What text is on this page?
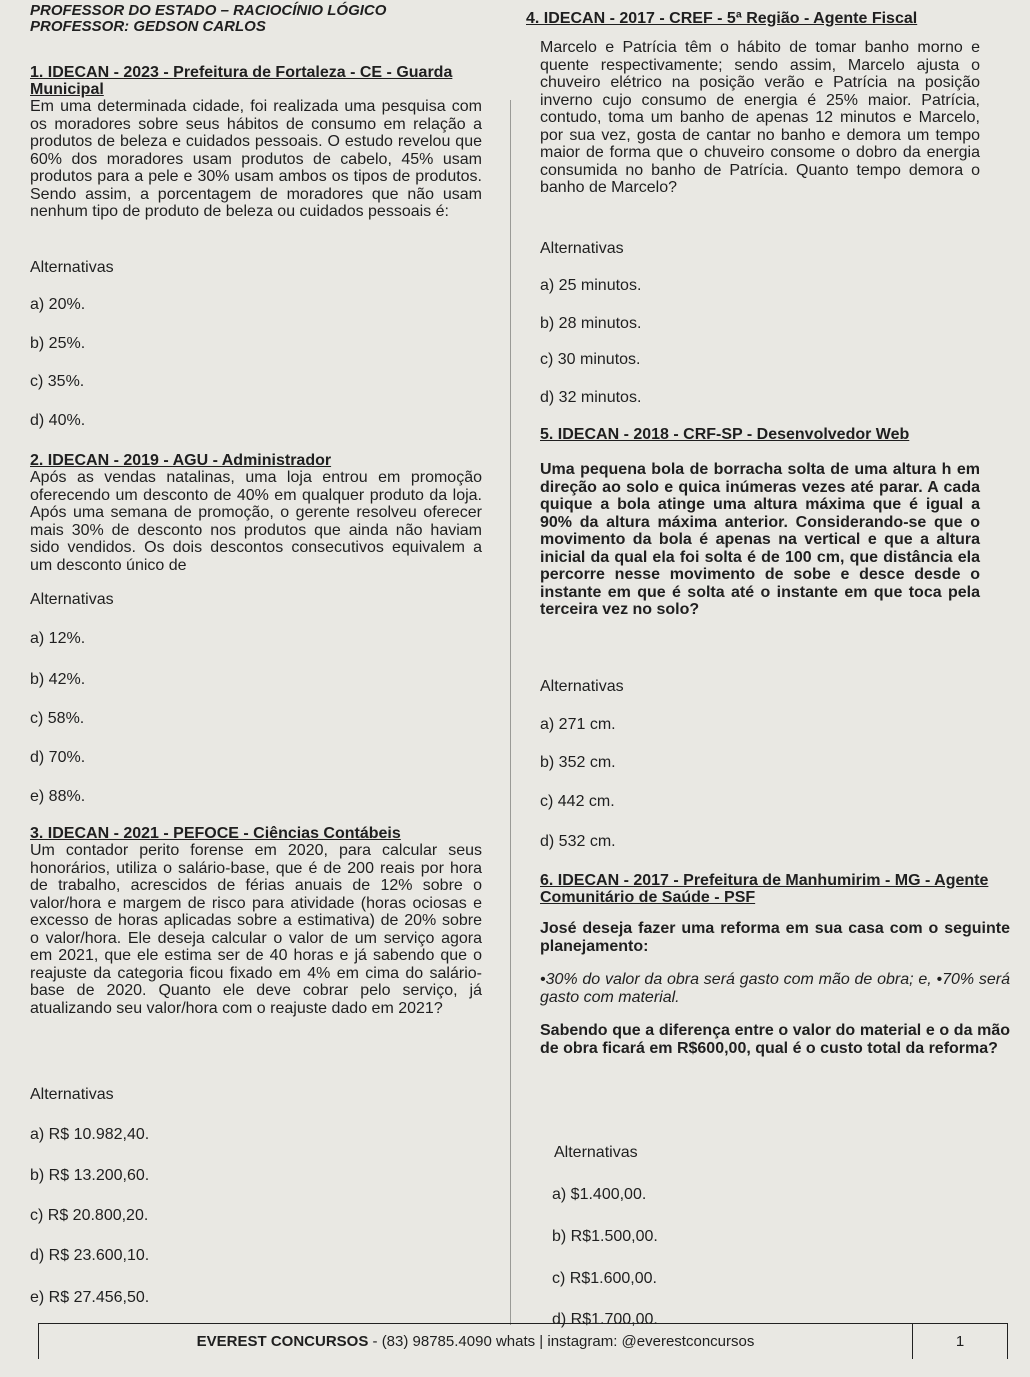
PROFESSOR DO ESTADO – RACIOCÍNIO LÓGICO
PROFESSOR: GEDSON CARLOS

1. IDECAN - 2023 - Prefeitura de Fortaleza - CE - Guarda Municipal

Em uma determinada cidade, foi realizada uma pesquisa com os moradores sobre seus hábitos de consumo em relação a produtos de beleza e cuidados pessoais. O estudo revelou que 60% dos moradores usam produtos de cabelo, 45% usam produtos para a pele e 30% usam ambos os tipos de produtos. Sendo assim, a porcentagem de moradores que não usam nenhum tipo de produto de beleza ou cuidados pessoais é:

Alternativas

a) 20%.

b) 25%.

c) 35%.

d) 40%.

2. IDECAN - 2019 - AGU - Administrador

Após as vendas natalinas, uma loja entrou em promoção oferecendo um desconto de 40% em qualquer produto da loja. Após uma semana de promoção, o gerente resolveu oferecer mais 30% de desconto nos produtos que ainda não haviam sido vendidos. Os dois descontos consecutivos equivalem a um desconto único de

Alternativas

a) 12%.

b) 42%.

c) 58%.

d) 70%.

e) 88%.

3. IDECAN - 2021 - PEFOCE - Ciências Contábeis

Um contador perito forense em 2020, para calcular seus honorários, utiliza o salário-base, que é de 200 reais por hora de trabalho, acrescidos de férias anuais de 12% sobre o valor/hora e margem de risco para atividade (horas ociosas e excesso de horas aplicadas sobre a estimativa) de 20% sobre o valor/hora. Ele deseja calcular o valor de um serviço agora em 2021, que ele estima ser de 40 horas e já sabendo que o reajuste da categoria ficou fixado em 4% em cima do salário-base de 2020. Quanto ele deve cobrar pelo serviço, já atualizando seu valor/hora com o reajuste dado em 2021?

Alternativas

a) R$ 10.982,40.

b) R$ 13.200,60.

c) R$ 20.800,20.

d) R$ 23.600,10.

e) R$ 27.456,50.

4. IDECAN - 2017 - CREF - 5ª Região - Agente Fiscal

Marcelo e Patrícia têm o hábito de tomar banho morno e quente respectivamente; sendo assim, Marcelo ajusta o chuveiro elétrico na posição verão e Patrícia na posição inverno cujo consumo de energia é 25% maior. Patrícia, contudo, toma um banho de apenas 12 minutos e Marcelo, por sua vez, gosta de cantar no banho e demora um tempo maior de forma que o chuveiro consome o dobro da energia consumida no banho de Patrícia. Quanto tempo demora o banho de Marcelo?

Alternativas

a) 25 minutos.

b) 28 minutos.

c) 30 minutos.

d) 32 minutos.

5. IDECAN - 2018 - CRF-SP - Desenvolvedor Web

Uma pequena bola de borracha solta de uma altura h em direção ao solo e quica inúmeras vezes até parar. A cada quique a bola atinge uma altura máxima que é igual a 90% da altura máxima anterior. Considerando-se que o movimento da bola é apenas na vertical e que a altura inicial da qual ela foi solta é de 100 cm, que distância ela percorre nesse movimento de sobe e desce desde o instante em que é solta até o instante em que toca pela terceira vez no solo?

Alternativas

a) 271 cm.

b) 352 cm.

c) 442 cm.

d) 532 cm.

6. IDECAN - 2017 - Prefeitura de Manhumirim - MG - Agente Comunitário de Saúde - PSF

José deseja fazer uma reforma em sua casa com o seguinte planejamento:

•30% do valor da obra será gasto com mão de obra; e, •70% será gasto com material.

Sabendo que a diferença entre o valor do material e o da mão de obra ficará em R$600,00, qual é o custo total da reforma?

Alternativas

a) $1.400,00.

b) R$1.500,00.

c) R$1.600,00.

d) R$1.700,00.

EVEREST CONCURSOS - (83) 98785.4090 whats | instagram: @everestconcursos	1
